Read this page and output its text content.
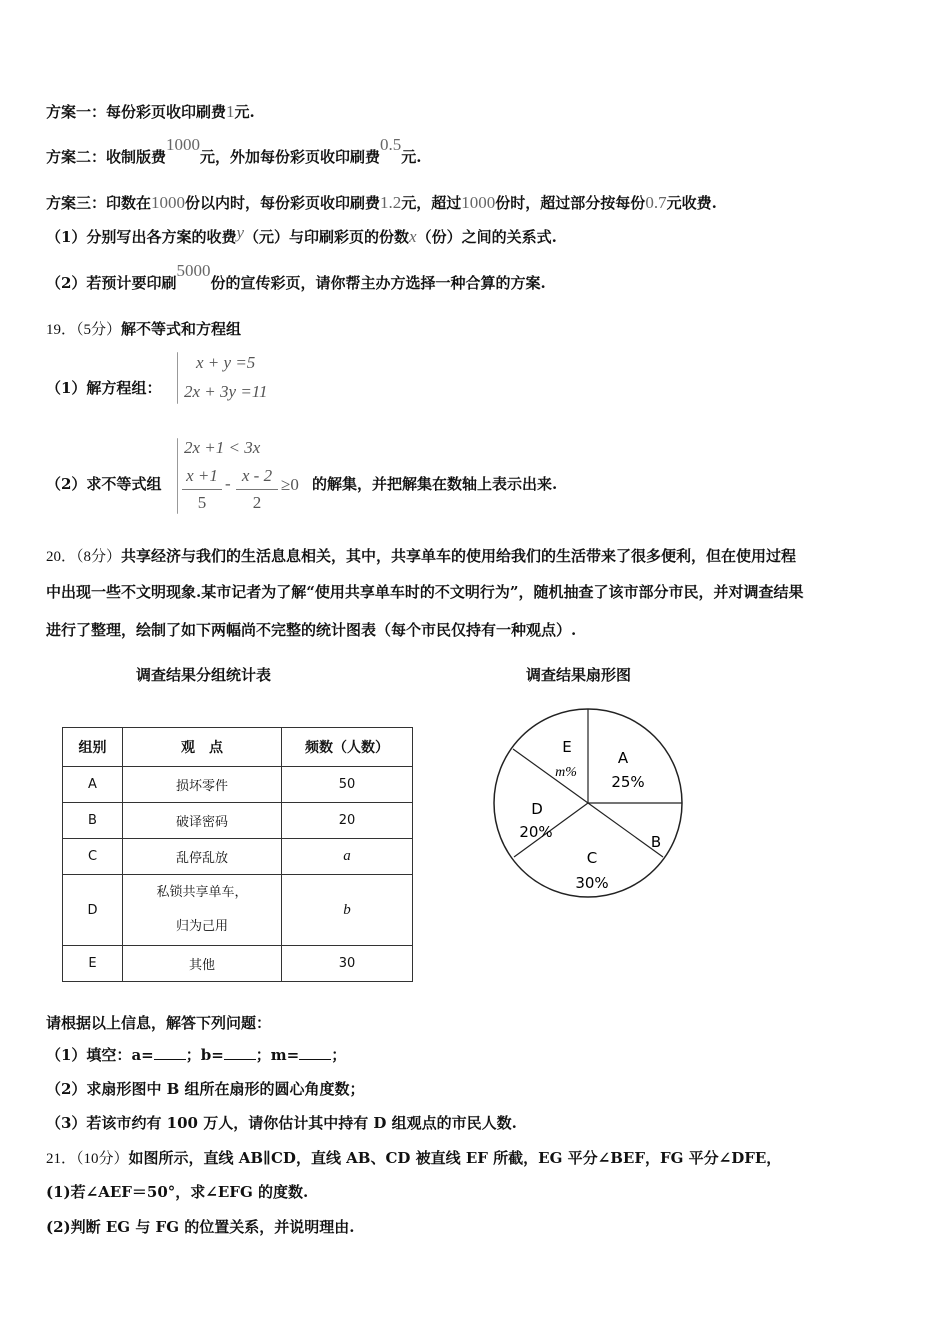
方案一：每份彩页收印刷费1元.
方案二：收制版费1000元，外加每份彩页收印刷费0.5元.
方案三：印数在1000份以内时，每份彩页收印刷费1.2元，超过1000份时，超过部分按每份0.7元收费.
（1）分别写出各方案的收费y（元）与印刷彩页的份数x（份）之间的关系式.
（2）若预计要印刷5000份的宣传彩页，请你帮主办方选择一种合算的方案.
19．（5分）解不等式和方程组
（1）解方程组：
x + y =5
2x + 3y =11
（2）求不等式组
2x +1 < 3x
x +1
5
- x - 2
2
≥0 的解集，并把解集在数轴上表示出来.
20．（8分）共享经济与我们的生活息息相关，其中，共享单车的使用给我们的生活带来了很多便利，但在使用过程
中出现一些不文明现象.某市记者为了解“使用共享单车时的不文明行为”，随机抽查了该市部分市民，并对调查结果
进行了整理，绘制了如下两幅尚不完整的统计图表（每个市民仅持有一种观点）.
调查结果分组统计表	调查结果扇形图
组别	观　点	频数（人数）
A	损坏零件	50
B	破译密码	20
C	乱停乱放	a
D	私锁共享单车，
归为己用	b
E	其他	30
A
25%
B
C
30%
D
20%
E
m%
请根据以上信息，解答下列问题：
（1）填空：a= ；b= ；m= ；
（2）求扇形图中 B 组所在扇形的圆心角度数；
（3）若该市约有 100 万人，请你估计其中持有 D 组观点的市民人数.
21．（10分）如图所示，直线 AB∥CD，直线 AB、CD 被直线 EF 所截，EG 平分∠BEF，FG 平分∠DFE，
(1)若∠AEF＝50°，求∠EFG 的度数.
(2)判断 EG 与 FG 的位置关系，并说明理由.
